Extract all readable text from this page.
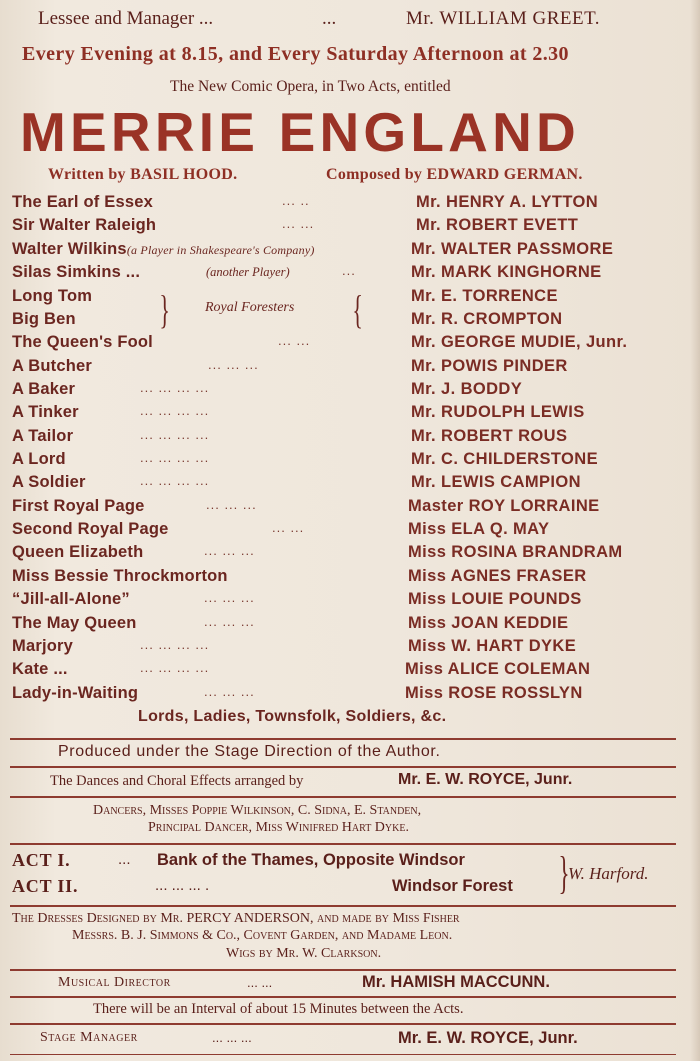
Lessee and Manager ...	...	Mr. WILLIAM GREET.
Every Evening at 8.15, and Every Saturday Afternoon at 2.30
The New Comic Opera, in Two Acts, entitled
MERRIE ENGLAND
Written by BASIL HOOD.	Composed by EDWARD GERMAN.
The Earl of Essex	... ..	Mr. HENRY A. LYTTON
Sir Walter Raleigh	... ...	Mr. ROBERT EVETT
Walter Wilkins(a Player in Shakespeare's Company)	Mr. WALTER PASSMORE
Silas Simkins ...	(another Player)	...	Mr. MARK KINGHORNE
Long Tom	Mr. E. TORRENCE
Big Ben	Mr. R. CROMPTON
}	Royal Foresters {
The Queen's Fool	... ...	Mr. GEORGE MUDIE, Junr.
A Butcher	... ... ...	Mr. POWIS PINDER
A Baker	... ... ... ...	Mr. J. BODDY
A Tinker	... ... ... ...	Mr. RUDOLPH LEWIS
A Tailor	... ... ... ...	Mr. ROBERT ROUS
A Lord	... ... ... ...	Mr. C. CHILDERSTONE
A Soldier	... ... ... ...	Mr. LEWIS CAMPION
First Royal Page	... ... ...	Master ROY LORRAINE
Second Royal Page	... ...	Miss ELA Q. MAY
Queen Elizabeth	... ... ...	Miss ROSINA BRANDRAM
Miss Bessie Throckmorton	Miss AGNES FRASER
“Jill-all-Alone”	... ... ...	Miss LOUIE POUNDS
The May Queen	... ... ...	Miss JOAN KEDDIE
Marjory	... ... ... ...	Miss W. HART DYKE
Kate ...	... ... ... ...	Miss ALICE COLEMAN
Lady-in-Waiting	... ... ...	Miss ROSE ROSSLYN
Lords, Ladies, Townsfolk, Soldiers, &c.
Produced under the Stage Direction of the Author.
The Dances and Choral Effects arranged by	Mr. E. W. ROYCE, Junr.
Dancers, Misses Poppie Wilkinson, C. Sidna, E. Standen,
Principal Dancer, Miss Winifred Hart Dyke.
ACT I.	... Bank of the Thames, Opposite Windsor
ACT II.	... ... ... .	Windsor Forest }
W. Harford.
The Dresses Designed by Mr. PERCY ANDERSON, and made by Miss Fisher
Messrs. B. J. Simmons & Co., Covent Garden, and Madame Leon.
Wigs by Mr. W. Clarkson.
Musical Director	... ...	Mr. HAMISH MACCUNN.
There will be an Interval of about 15 Minutes between the Acts.
Stage Manager	... ... ...	Mr. E. W. ROYCE, Junr.
